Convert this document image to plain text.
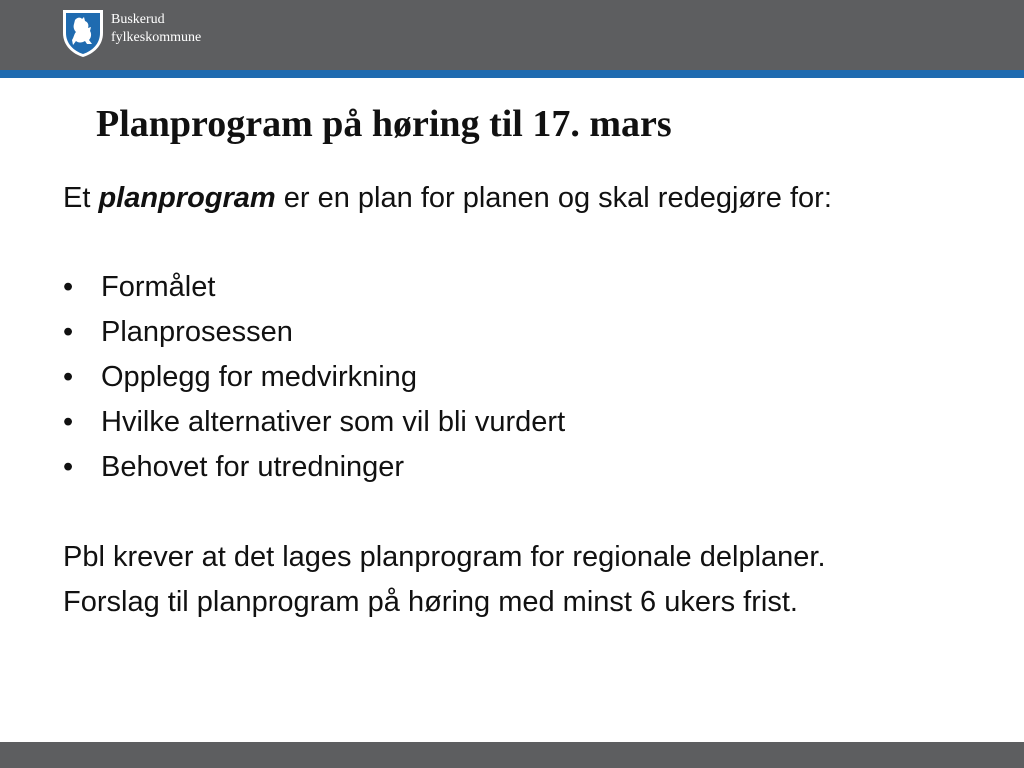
Buskerud
fylkeskommune
Planprogram på høring til 17. mars

Et planprogram er en plan for planen og skal redegjøre for:

• Formålet
• Planprosessen
• Opplegg for medvirkning
• Hvilke alternativer som vil bli vurdert
• Behovet for utredninger

Pbl krever at det lages planprogram for regionale delplaner.

Forslag til planprogram på høring med minst 6 ukers frist.
